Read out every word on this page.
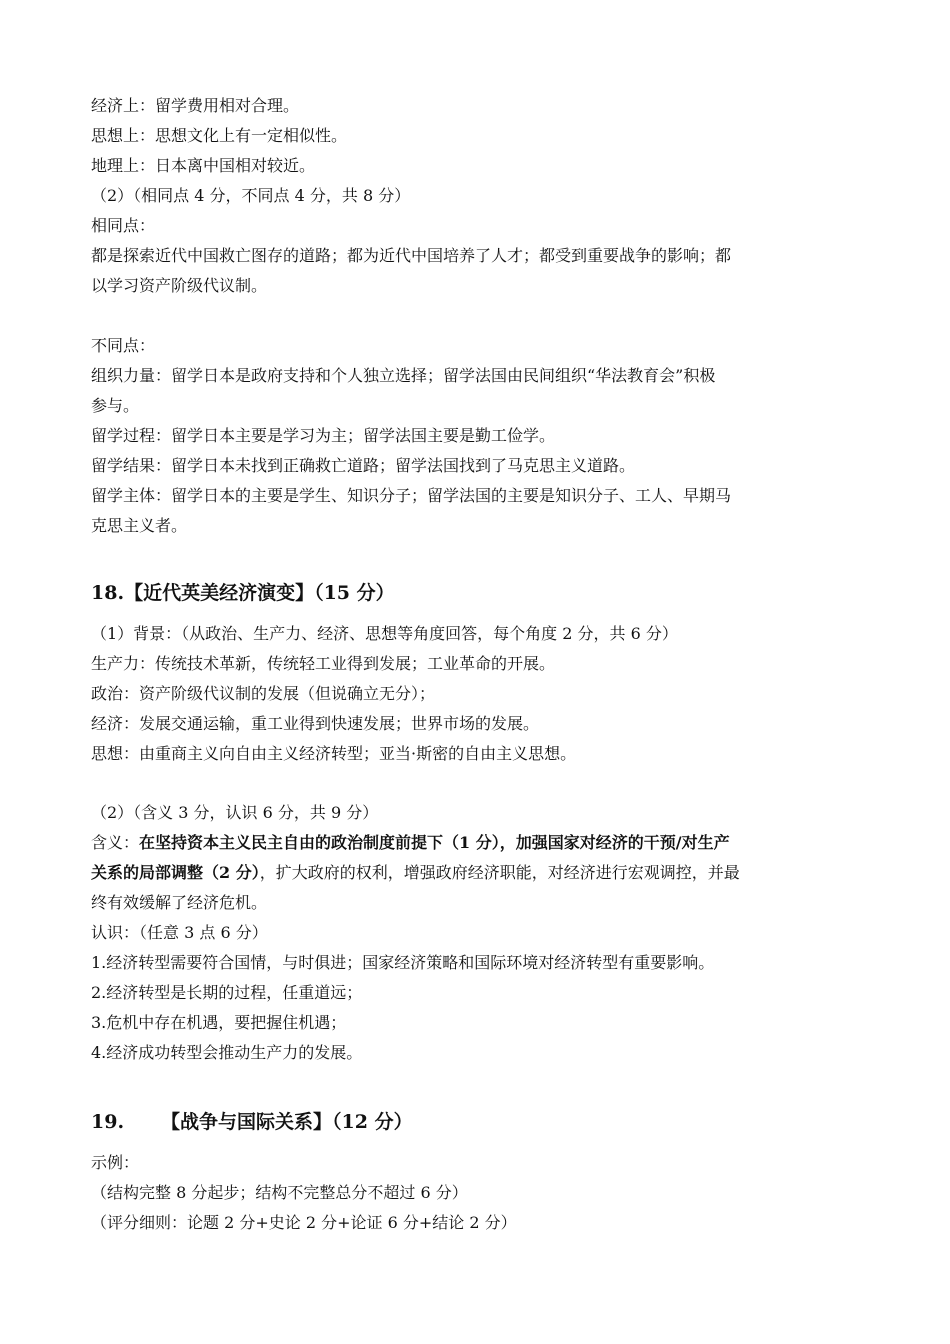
经济上：留学费用相对合理。
思想上：思想文化上有一定相似性。
地理上：日本离中国相对较近。
（2）（相同点 4 分，不同点 4 分，共 8 分）
相同点：
都是探索近代中国救亡图存的道路；都为近代中国培养了人才；都受到重要战争的影响；都
以学习资产阶级代议制。
不同点：
组织力量：留学日本是政府支持和个人独立选择；留学法国由民间组织“华法教育会”积极
参与。
留学过程：留学日本主要是学习为主；留学法国主要是勤工俭学。
留学结果：留学日本未找到正确救亡道路；留学法国找到了马克思主义道路。
留学主体：留学日本的主要是学生、知识分子；留学法国的主要是知识分子、工人、早期马
克思主义者。
18.【近代英美经济演变】（15 分）
（1）背景：（从政治、生产力、经济、思想等角度回答，每个角度 2 分，共 6 分）
生产力：传统技术革新，传统轻工业得到发展；工业革命的开展。
政治：资产阶级代议制的发展（但说确立无分）；
经济：发展交通运输，重工业得到快速发展；世界市场的发展。
思想：由重商主义向自由主义经济转型；亚当·斯密的自由主义思想。
（2）（含义 3 分，认识 6 分，共 9 分）
含义：在坚持资本主义民主自由的政治制度前提下（1 分），加强国家对经济的干预/对生产
关系的局部调整（2 分），扩大政府的权利，增强政府经济职能，对经济进行宏观调控，并最
终有效缓解了经济危机。
认识：（任意 3 点 6 分）
1.经济转型需要符合国情，与时俱进；国家经济策略和国际环境对经济转型有重要影响。
2.经济转型是长期的过程，任重道远；
3.危机中存在机遇，要把握住机遇；
4.经济成功转型会推动生产力的发展。
19. 【战争与国际关系】（12 分）
示例：
（结构完整 8 分起步；结构不完整总分不超过 6 分）
（评分细则：论题 2 分+史论 2 分+论证 6 分+结论 2 分）
